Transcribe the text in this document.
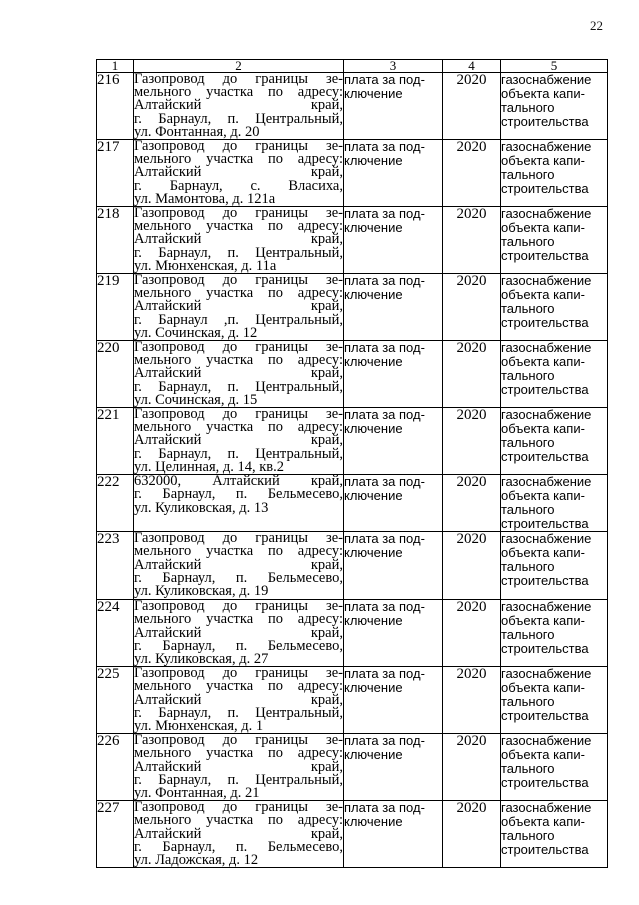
22
1	2	3	4	5
216	Газопровод до границы зе-
мельного участка по адресу:
Алтайский край,
г. Барнаул, п. Центральный,
ул. Фонтанная, д. 20	плата за под-
ключение	2020	газоснабжение
объекта капи-
тального
строительства

217	Газопровод до границы зе-
мельного участка по адресу:
Алтайский край,
г. Барнаул, с. Власиха,
ул. Мамонтова, д. 121а	плата за под-
ключение	2020	газоснабжение
объекта капи-
тального
строительства

218	Газопровод до границы зе-
мельного участка по адресу:
Алтайский край,
г. Барнаул, п. Центральный,
ул. Мюнхенская, д. 11а	плата за под-
ключение	2020	газоснабжение
объекта капи-
тального
строительства

219	Газопровод до границы зе-
мельного участка по адресу:
Алтайский край,
г. Барнаул ,п. Центральный,
ул. Сочинская, д. 12	плата за под-
ключение	2020	газоснабжение
объекта капи-
тального
строительства

220	Газопровод до границы зе-
мельного участка по адресу:
Алтайский край,
г. Барнаул, п. Центральный,
ул. Сочинская, д. 15	плата за под-
ключение	2020	газоснабжение
объекта капи-
тального
строительства

221	Газопровод до границы зе-
мельного участка по адресу:
Алтайский край,
г. Барнаул, п. Центральный,
ул. Целинная, д. 14, кв.2	плата за под-
ключение	2020	газоснабжение
объекта капи-
тального
строительства

222	632000, Алтайский край,
г. Барнаул, п. Бельмесево,
ул. Куликовская, д. 13	плата за под-
ключение	2020	газоснабжение
объекта капи-
тального
строительства

223	Газопровод до границы зе-
мельного участка по адресу:
Алтайский край,
г. Барнаул, п. Бельмесево,
ул. Куликовская, д. 19	плата за под-
ключение	2020	газоснабжение
объекта капи-
тального
строительства

224	Газопровод до границы зе-
мельного участка по адресу:
Алтайский край,
г. Барнаул, п. Бельмесево,
ул. Куликовская, д. 27	плата за под-
ключение	2020	газоснабжение
объекта капи-
тального
строительства

225	Газопровод до границы зе-
мельного участка по адресу:
Алтайский край,
г. Барнаул, п. Центральный,
ул. Мюнхенская, д. 1	плата за под-
ключение	2020	газоснабжение
объекта капи-
тального
строительства

226	Газопровод до границы зе-
мельного участка по адресу:
Алтайский край,
г. Барнаул, п. Центральный,
ул. Фонтанная, д. 21	плата за под-
ключение	2020	газоснабжение
объекта капи-
тального
строительства

227	Газопровод до границы зе-
мельного участка по адресу:
Алтайский край,
г. Барнаул, п. Бельмесево,
ул. Ладожская, д. 12	плата за под-
ключение	2020	газоснабжение
объекта капи-
тального
строительства
